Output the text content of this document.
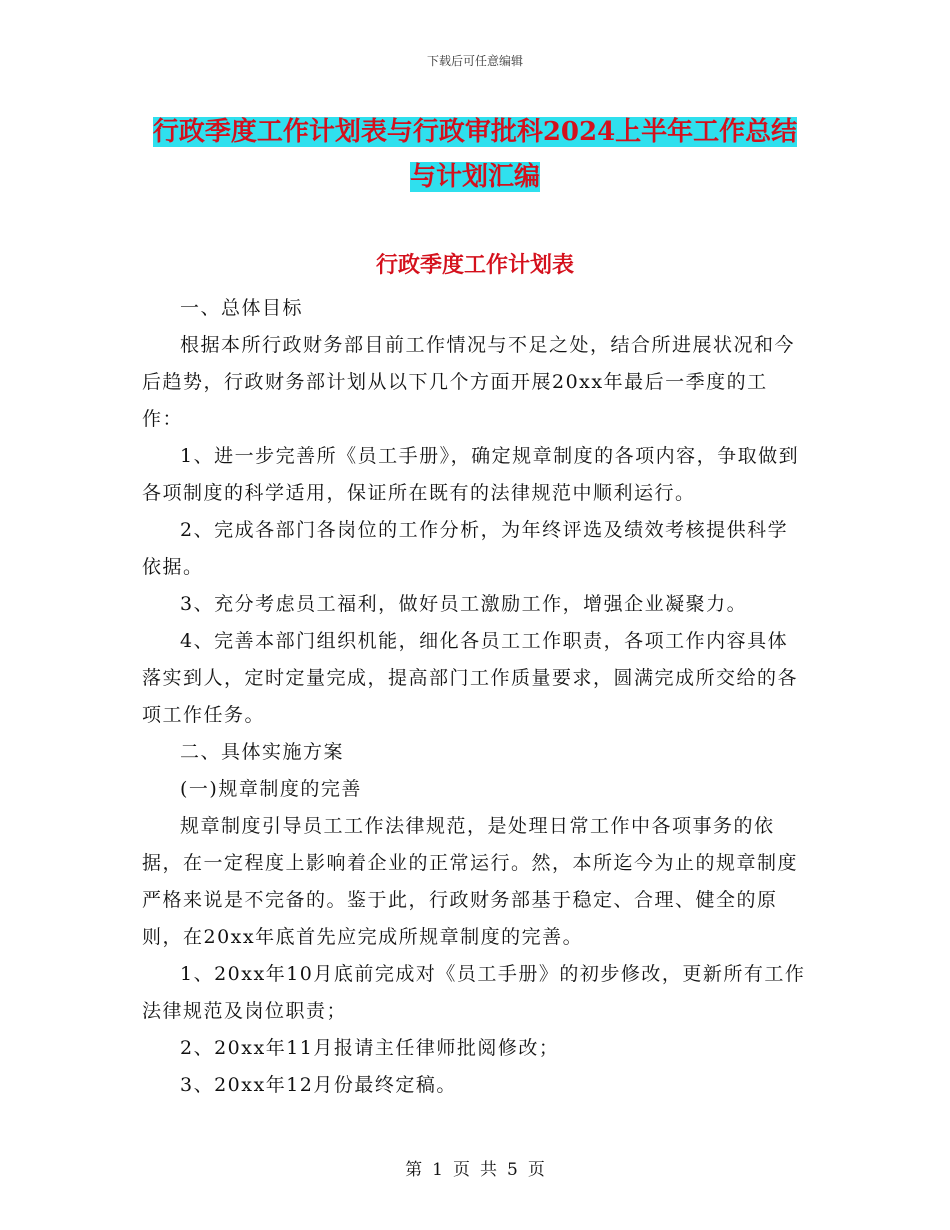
下载后可任意编辑
行政季度工作计划表与行政审批科2024上半年工作总结与计划汇编
行政季度工作计划表

一、总体目标

根据本所行政财务部目前工作情况与不足之处，结合所进展状况和今后趋势，行政财务部计划从以下几个方面开展20xx年最后一季度的工作：

1、进一步完善所《员工手册》，确定规章制度的各项内容，争取做到各项制度的科学适用，保证所在既有的法律规范中顺利运行。

2、完成各部门各岗位的工作分析，为年终评选及绩效考核提供科学依据。

3、充分考虑员工福利，做好员工激励工作，增强企业凝聚力。

4、完善本部门组织机能，细化各员工工作职责，各项工作内容具体落实到人，定时定量完成，提高部门工作质量要求，圆满完成所交给的各项工作任务。

二、具体实施方案

(一)规章制度的完善

规章制度引导员工工作法律规范，是处理日常工作中各项事务的依据，在一定程度上影响着企业的正常运行。然，本所迄今为止的规章制度严格来说是不完备的。鉴于此，行政财务部基于稳定、合理、健全的原则，在20xx年底首先应完成所规章制度的完善。

1、20xx年10月底前完成对《员工手册》的初步修改，更新所有工作法律规范及岗位职责；

2、20xx年11月报请主任律师批阅修改；

3、20xx年12月份最终定稿。

第 1 页 共 5 页
